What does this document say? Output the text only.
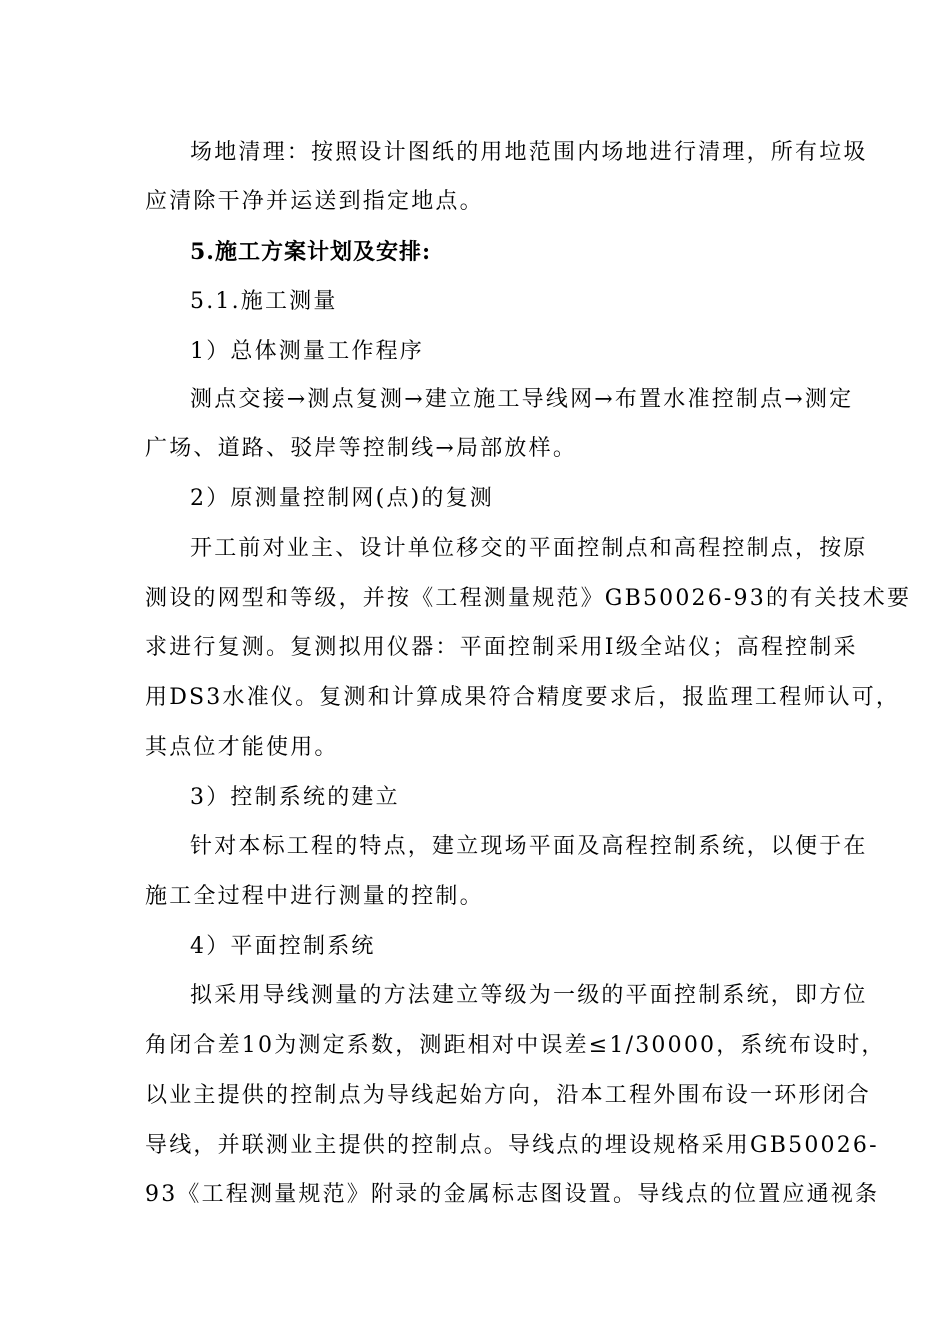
场地清理：按照设计图纸的用地范围内场地进行清理，所有垃圾
应清除干净并运送到指定地点。
5.施工方案计划及安排:
5.1.施工测量
1）总体测量工作程序
测点交接→测点复测→建立施工导线网→布置水准控制点→测定
广场、道路、驳岸等控制线→局部放样。
2）原测量控制网(点)的复测
开工前对业主、设计单位移交的平面控制点和高程控制点，按原
测设的网型和等级，并按《工程测量规范》GB50026-93的有关技术要
求进行复测。复测拟用仪器：平面控制采用Ⅰ级全站仪；高程控制采
用DS3水准仪。复测和计算成果符合精度要求后，报监理工程师认可，
其点位才能使用。
3）控制系统的建立
针对本标工程的特点，建立现场平面及高程控制系统，以便于在
施工全过程中进行测量的控制。
4）平面控制系统
拟采用导线测量的方法建立等级为一级的平面控制系统，即方位
角闭合差10为测定系数，测距相对中误差≤1/30000，系统布设时，
以业主提供的控制点为导线起始方向，沿本工程外围布设一环形闭合
导线，并联测业主提供的控制点。导线点的埋设规格采用GB50026-
93《工程测量规范》附录的金属标志图设置。导线点的位置应通视条
